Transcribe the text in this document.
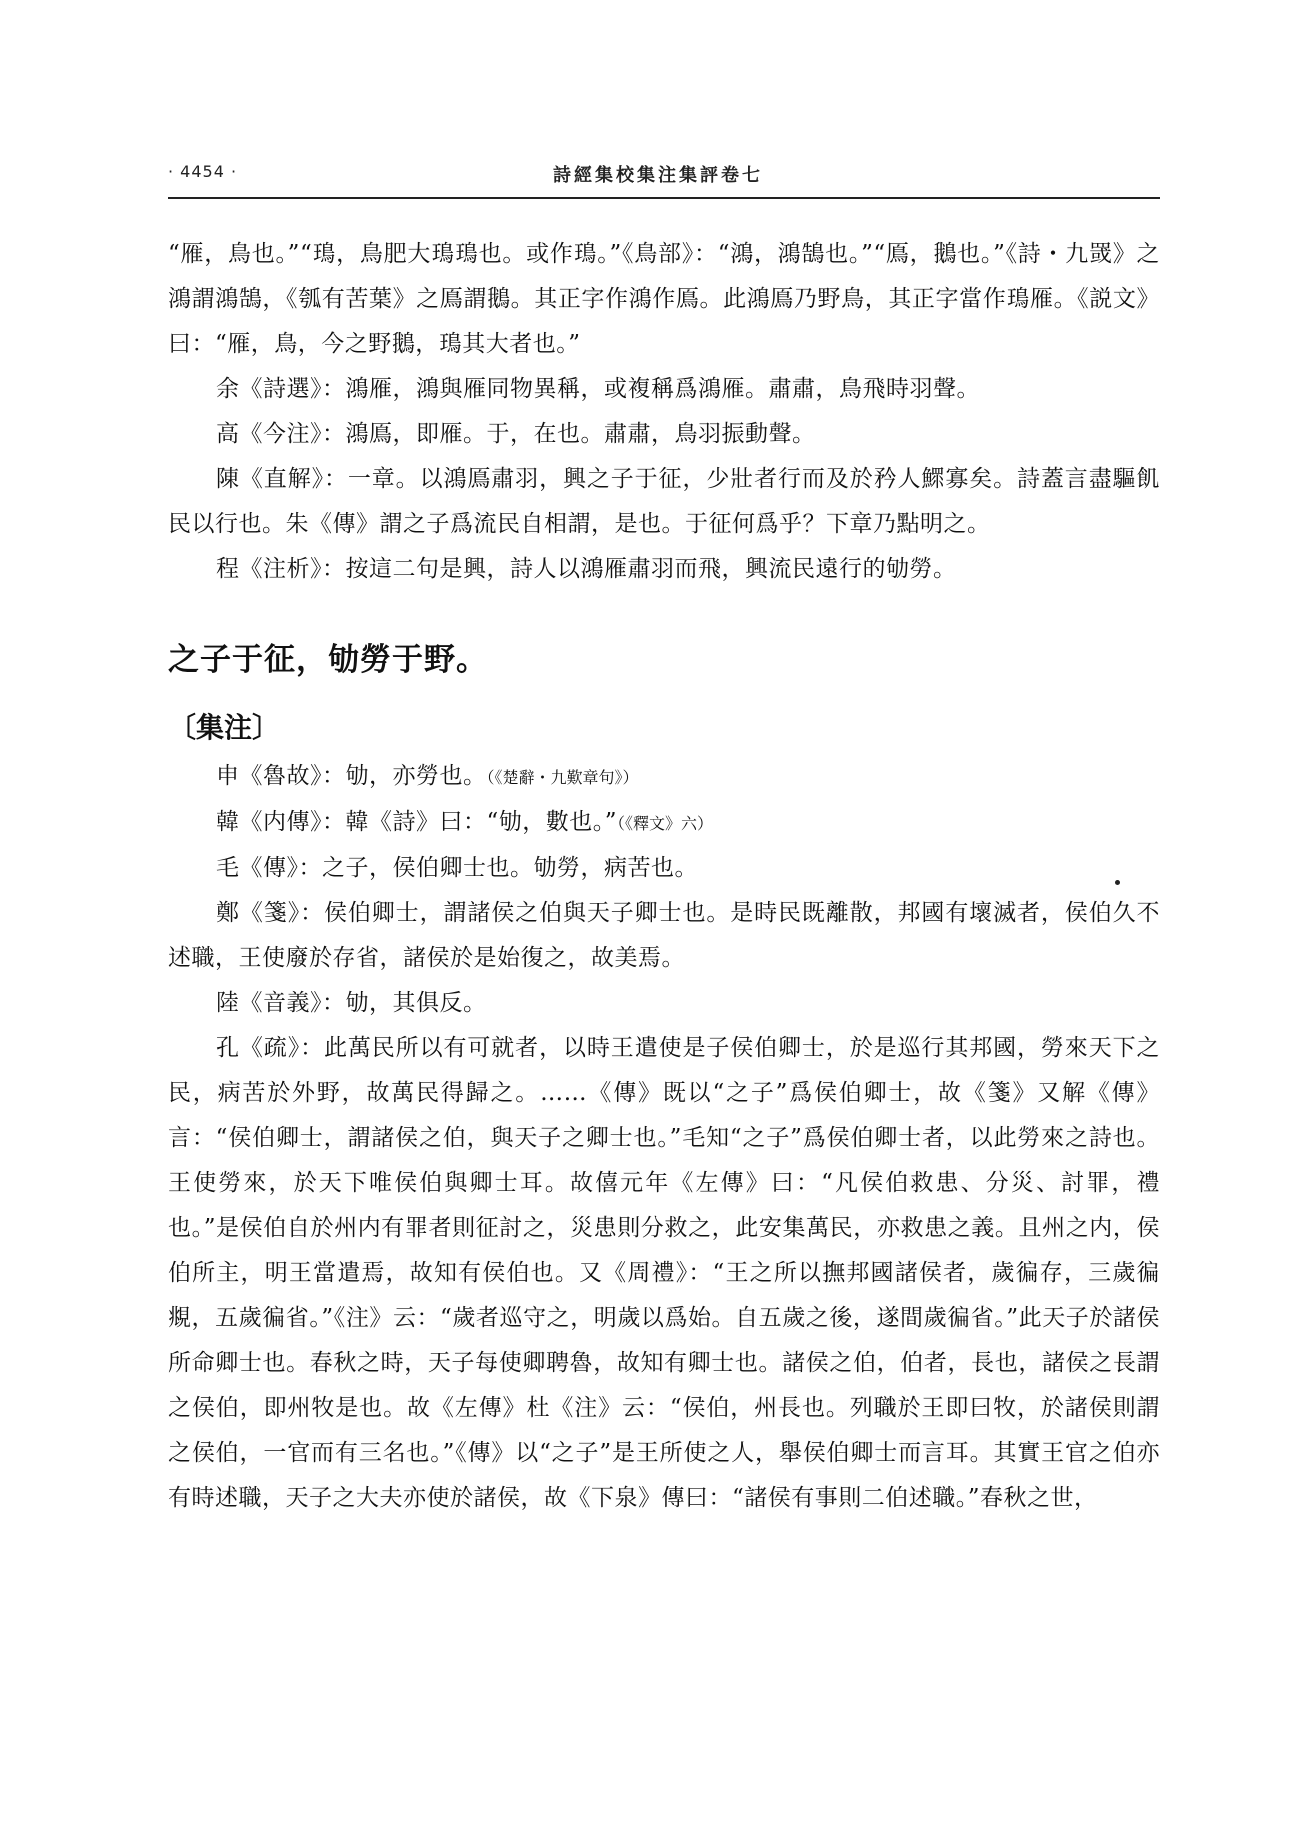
· 4454 ·	詩經集校集注集評卷七

“雁，鳥也。”“鳿，鳥肥大鳿鳿也。或作鳿。”《鳥部》：“鴻，鴻鵠也。”“鳫，鵝也。”《詩・九罭》之鴻謂鴻鵠，《瓠有苦葉》之鳫謂鵝。其正字作鴻作鳫。此鴻鳫乃野鳥，其正字當作鳿雁。《説文》曰：“雁，鳥，今之野鵝，鳿其大者也。”

余《詩選》：鴻雁，鴻與雁同物異稱，或複稱爲鴻雁。肅肅，鳥飛時羽聲。

高《今注》：鴻鳫，即雁。于，在也。肅肅，鳥羽振動聲。

陳《直解》：一章。以鴻鳫肅羽，興之子于征，少壯者行而及於矜人鰥寡矣。詩蓋言盡驅飢民以行也。朱《傳》謂之子爲流民自相謂，是也。于征何爲乎？下章乃點明之。

程《注析》：按這二句是興，詩人以鴻雁肅羽而飛，興流民遠行的劬勞。

之子于征，劬勞于野。
〔集注〕

申《魯故》：劬，亦勞也。（《楚辭・九歎章句》）

韓《内傳》：韓《詩》曰：“劬，數也。”（《釋文》六）

毛《傳》：之子，侯伯卿士也。劬勞，病苦也。

鄭《箋》：侯伯卿士，謂諸侯之伯與天子卿士也。是時民既離散，邦國有壞滅者，侯伯久不述職，王使廢於存省，諸侯於是始復之，故美焉。

陸《音義》：劬，其俱反。

孔《疏》：此萬民所以有可就者，以時王遣使是子侯伯卿士，於是巡行其邦國，勞來天下之民，病苦於外野，故萬民得歸之。……《傳》既以“之子”爲侯伯卿士，故《箋》又解《傳》言：“侯伯卿士，謂諸侯之伯，與天子之卿士也。”毛知“之子”爲侯伯卿士者，以此勞來之詩也。王使勞來，於天下唯侯伯與卿士耳。故僖元年《左傳》曰：“凡侯伯救患、分災、討罪，禮也。”是侯伯自於州内有罪者則征討之，災患則分救之，此安集萬民，亦救患之義。且州之内，侯伯所主，明王當遣焉，故知有侯伯也。又《周禮》：“王之所以撫邦國諸侯者，歲徧存，三歲徧覜，五歲徧省。”《注》云：“歲者巡守之，明歲以爲始。自五歲之後，遂間歲徧省。”此天子於諸侯所命卿士也。春秋之時，天子每使卿聘魯，故知有卿士也。諸侯之伯，伯者，長也，諸侯之長謂之侯伯，即州牧是也。故《左傳》杜《注》云：“侯伯，州長也。列職於王即曰牧，於諸侯則謂之侯伯，一官而有三名也。”《傳》以“之子”是王所使之人，舉侯伯卿士而言耳。其實王官之伯亦有時述職，天子之大夫亦使於諸侯，故《下泉》傳曰：“諸侯有事則二伯述職。”春秋之世，
